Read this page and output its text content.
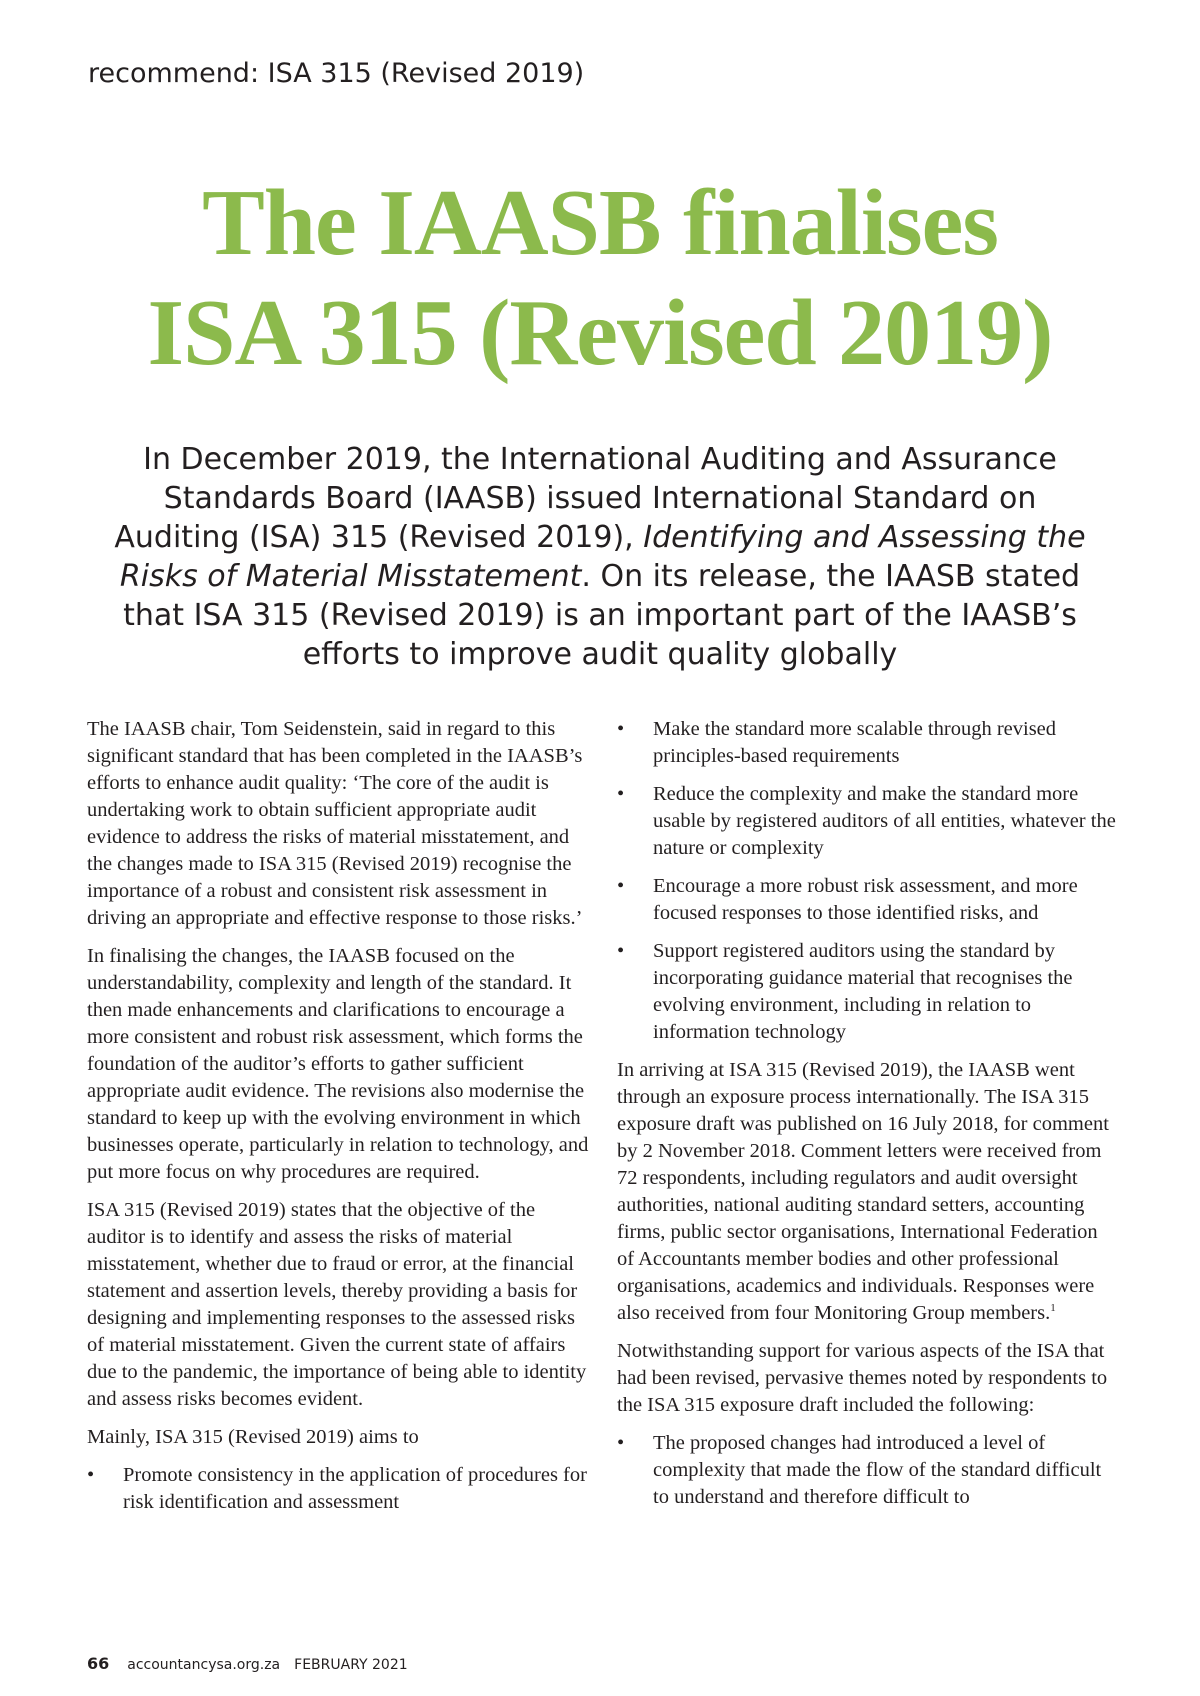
recommend: ISA 315 (Revised 2019)
The IAASB finalises
ISA 315 (Revised 2019)
In December 2019, the International Auditing and Assurance Standards Board (IAASB) issued International Standard on Auditing (ISA) 315 (Revised 2019), Identifying and Assessing the Risks of Material Misstatement. On its release, the IAASB stated that ISA 315 (Revised 2019) is an important part of the IAASB’s efforts to improve audit quality globally

The IAASB chair, Tom Seidenstein, said in regard to this significant standard that has been completed in the IAASB’s efforts to enhance audit quality: ‘The core of the audit is undertaking work to obtain sufficient appropriate audit evidence to address the risks of material misstatement, and the changes made to ISA 315 (Revised 2019) recognise the importance of a robust and consistent risk assessment in driving an appropriate and effective response to those risks.’

In finalising the changes, the IAASB focused on the understandability, complexity and length of the standard. It then made enhancements and clarifications to encourage a more consistent and robust risk assessment, which forms the foundation of the auditor’s efforts to gather sufficient appropriate audit evidence. The revisions also modernise the standard to keep up with the evolving environment in which businesses operate, particularly in relation to technology, and put more focus on why procedures are required.

ISA 315 (Revised 2019) states that the objective of the auditor is to identify and assess the risks of material misstatement, whether due to fraud or error, at the financial statement and assertion levels, thereby providing a basis for designing and implementing responses to the assessed risks of material misstatement. Given the current state of affairs due to the pandemic, the importance of being able to identity and assess risks becomes evident.

Mainly, ISA 315 (Revised 2019) aims to

• Promote consistency in the application of procedures for risk identification and assessment
• Make the standard more scalable through revised principles-based requirements
• Reduce the complexity and make the standard more usable by registered auditors of all entities, whatever the nature or complexity
• Encourage a more robust risk assessment, and more focused responses to those identified risks, and
• Support registered auditors using the standard by incorporating guidance material that recognises the evolving environment, including in relation to information technology

In arriving at ISA 315 (Revised 2019), the IAASB went through an exposure process internationally. The ISA 315 exposure draft was published on 16 July 2018, for comment by 2 November 2018. Comment letters were received from 72 respondents, including regulators and audit oversight authorities, national auditing standard setters, accounting firms, public sector organisations, International Federation of Accountants member bodies and other professional organisations, academics and individuals. Responses were also received from four Monitoring Group members.$^1$

Notwithstanding support for various aspects of the ISA that had been revised, pervasive themes noted by respondents to the ISA 315 exposure draft included the following:

• The proposed changes had introduced a level of complexity that made the flow of the standard difficult to understand and therefore difficult to
66 accountancysa.org.za FEBRUARY 2021
